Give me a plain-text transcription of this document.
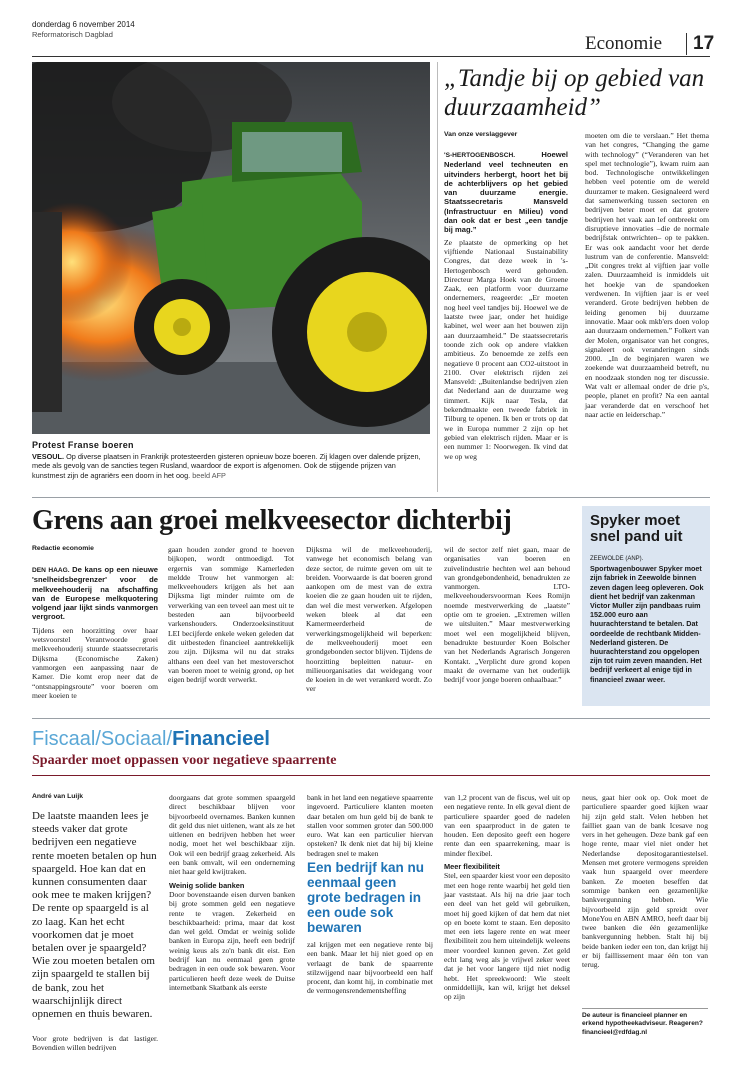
donderdag 6 november 2014
Reformatorisch Dagblad	Economie	17
Protest Franse boeren
VESOUL. Op diverse plaatsen in Frankrijk protesteerden gisteren opnieuw boze boeren. Zij klagen over dalende prijzen, mede als gevolg van de sancties tegen Rusland, waardoor de export is afgenomen. Ook de stijgende prijzen van kunstmest zijn de agrariërs een doorn in het oog. beeld AFP
„Tandje bij op gebied van duurzaamheid”
Van onze verslaggever
'S-HERTOGENBOSCH.	Hoewel Nederland veel techneuten en uitvinders herbergt, hoort het bij de achterblijvers op het gebied van duurzame energie. Staatssecretaris Mansveld (Infrastructuur en Milieu) vond dan ook dat er best „een tandje bij mag.”
Ze plaatste de opmerking op het vijftiende Nationaal Sustainability Congres, dat deze week in 's-Hertogenbosch werd gehouden. Directeur Marga Hoek van de Groene Zaak, een platform voor duurzame ondernemers, reageerde: „Er moeten nog heel veel tandjes bij. Hoewel we de laatste twee jaar, onder het huidige kabinet, wel weer aan het bouwen zijn aan duurzaamheid.” De staatssecretaris toonde zich ook op andere vlakken ambitieus. Zo benoemde ze zelfs een negatieve 0 procent aan CO2-uitstoot in 2100. Over elektrisch rijden zei Mansveld: „Buitenlandse bedrijven zien dat Nederland aan de duurzame weg timmert. Kijk naar Tesla, dat bekendmaakte een tweede fabriek in Tilburg te openen. Ik ben er trots op dat we in Europa nummer 2 zijn op het gebied van elektrisch rijden. Maar er is een nummer 1: Noorwegen. Ik vind dat we op weg
moeten om die te verslaan.” Het thema van het congres, “Changing the game with technology” (“Veranderen van het spel met technologie”), kwam ruim aan bod. Technologische ontwikkelingen hebben veel potentie om de wereld duurzamer te maken. Gesignaleerd werd dat samenwerking tussen sectoren en bedrijven beter moet en dat grotere bedrijven het vaak aan lef ontbreekt om disruptieve innovaties –die de normale bedrijfstak ontwrichten– op te pakken. Er was ook aandacht voor het derde lustrum van de conferentie. Mansveld: „Dit congres trekt al vijftien jaar volle zalen. Duurzaamheid is inmiddels uit het hoekje van de spandoeken verdwenen. In vijftien jaar is er veel veranderd. Grote bedrijven hebben de leiding genomen bij duurzame innovatie. Maar ook mkb'ers doen volop aan duurzaam ondernemen.” Folkert van der Molen, organisator van het congres, signaleert ook veranderingen sinds 2000. „In de beginjaren waren we zoekende wat duurzaamheid betreft, nu en noodzaak stonden nog ter discussie. Wat valt er allemaal onder de drie p's, people, planet en profit? Na een aantal jaar veranderde dat en verschoof het naar actie en leiderschap.”
Grens aan groei melkveesector dichterbij
Redactie economie
DEN HAAG. De kans op een nieuwe 'snelheidsbegrenzer' voor de melkveehouderij na afschaffing van de Europese melkquotering volgend jaar lijkt sinds vanmorgen vergroot.
Tijdens een hoorzitting over haar wetsvoorstel Verantwoorde groei melkveehouderij stuurde staatssecretaris Dijksma (Economische Zaken) vanmorgen een aanpassing naar de Kamer. Die komt erop neer dat de “ontsnappingsroute” voor boeren om meer koeien te
gaan houden zonder grond te hoeven bijkopen, wordt ontmoedigd. Tot ergernis van sommige Kamerleden meldde Trouw het vanmorgen al: melkveehouders krijgen als het aan Dijksma ligt minder ruimte om de verwerking van een teveel aan mest uit te besteden aan bijvoorbeeld varkenshouders. Onderzoeksinstituut LEI becijferde enkele weken geleden dat dit uitbesteden financieel aantrekkelijk zou zijn. Dijksma wil nu dat straks althans een deel van het mestoverschot van boeren moet te weinig grond, op het eigen bedrijf wordt verwerkt.
Dijksma wil de melkveehouderij, vanwege het economisch belang van deze sector, de ruimte geven om uit te breiden. Voorwaarde is dat boeren grond aankopen om de mest van de extra koeien die ze gaan houden uit te rijden, dan wel die mest verwerken. Afgelopen weken bleek al dat een Kamermeerderheid de verwerkingsmogelijkheid wil beperken: de melkveehouderij moet een grondgebonden sector blijven. Tijdens de hoorzitting bepleitten natuur- en milieuorganisaties dat weidegang voor de koeien in de wet verankerd wordt. Zo ver
wil de sector zelf niet gaan, maar de organisaties van boeren en zuivelindustrie hechten wel aan behoud van grondgebondenheid, benadrukten ze vanmorgen. LTO-melkveehoudersvoorman Kees Romijn noemde mestverwerking de „laatste” optie om te groeien. „Extremen willen we uitsluiten.” Maar mestverwerking moet wel een mogelijkheid blijven, benadrukte bestuurder Koen Bolscher van het Nederlands Agrarisch Jongeren Kontakt. „Verplicht dure grond kopen maakt de overname van het ouderlijk bedrijf voor jonge boeren onhaalbaar.”
Spyker moet snel pand uit
ZEEWOLDE (ANP). Sportwagenbouwer Spyker moet zijn fabriek in Zeewolde binnen zeven dagen leeg opleveren. Ook dient het bedrijf van zakenman Victor Muller zijn pandbaas ruim 152.000 euro aan huurachterstand te betalen. Dat oordeelde de rechtbank Midden-Nederland gisteren. De huurachterstand zou opgelopen zijn tot ruim zeven maanden. Het bedrijf verkeert al enige tijd in financieel zwaar weer.
Fiscaal/Sociaal/Financieel
Spaarder moet oppassen voor negatieve spaarrente
André van Luijk
De laatste maanden lees je steeds vaker dat grote bedrijven een negatieve rente moeten betalen op hun spaargeld. Hoe kan dat en kunnen consumenten daar ook mee te maken krijgen? De rente op spaargeld is al zo laag. Kan het echt voorkomen dat je moet betalen over je spaargeld? Wie zou moeten betalen om zijn spaargeld te stallen bij de bank, zou het waarschijnlijk direct opnemen en thuis bewaren.
Voor grote bedrijven is dat lastiger. Bovendien willen bedrijven
doorgaans dat grote sommen spaargeld direct beschikbaar blijven voor bijvoorbeeld overnames. Banken kunnen dit geld dus niet uitlenen, want als ze het uitlenen en bedrijven hebben het weer nodig, moet het wel beschikbaar zijn. Ook wil een bedrijf graag zekerheid. Als een bank omvalt, wil een onderneming niet haar geld kwijtraken.
Weinig solide banken
Door bovenstaande eisen durven banken bij grote sommen geld een negatieve rente te vragen. Zekerheid en beschikbaarheid: prima, maar dat kost dan wel geld. Omdat er weinig solide banken in Europa zijn, heeft een bedrijf weinig keus als zo'n bank dit eist. Een bedrijf kan nu eenmaal geen grote bedragen in een oude sok bewaren. Voor particulieren heeft deze week de Duitse internetbank Skatbank als eerste
bank in het land een negatieve spaarrente ingevoerd. Particuliere klanten moeten daar betalen om hun geld bij de bank te stallen voor sommen groter dan 500.000 euro. Wat kan een particulier hiervan opsteken? Ik denk niet dat hij bij kleine bedragen snel te maken
Een bedrijf kan nu eenmaal geen grote bedragen in een oude sok bewaren
zal krijgen met een negatieve rente bij een bank. Maar let hij niet goed op en verlaagt de bank de spaarrente stilzwijgend naar bijvoorbeeld een half procent, dan komt hij, in combinatie met de vermogensrendementsheffing
van 1,2 procent van de fiscus, wel uit op een negatieve rente. In elk geval dient de particuliere spaarder goed de nadelen van een spaarproduct in de gaten te houden. Een deposito geeft een hogere rente dan een spaarrekening, maar is minder flexibel.
Meer flexibiliteit
Stel, een spaarder kiest voor een deposito met een hoge rente waarbij het geld tien jaar vaststaat. Als hij na drie jaar toch een deel van het geld wil gebruiken, moet hij goed kijken of dat hem dat niet op en boete komt te staan. Een deposito met een iets lagere rente en wat meer flexibiliteit zou hem uiteindelijk weleens meer voordeel kunnen geven. Zet geld echt lang weg als je vrijwel zeker weet dat je het voor langere tijd niet nodig hebt. Het spreekwoord: Wie steelt onmiddellijk, kan wil, krijgt het deksel op zijn
neus, gaat hier ook op. Ook moet de particuliere spaarder goed kijken waar hij zijn geld stalt. Velen hebben het failliet gaan van de bank Icesave nog vers in het geheugen. Deze bank gaf een hoge rente, maar viel niet onder het Nederlandse depositogarantiestelsel. Mensen met grotere vermogens spreiden vaak hun spaargeld over meerdere banken. Ze moeten beseffen dat sommige banken een gezamenlijke bankvergunning hebben. Wie bijvoorbeeld zijn geld spreidt over MoneYou en ABN AMRO, heeft daar bij twee banken die één gezamenlijke bankvergunning hebben. Stalt hij bij beide banken ieder een ton, dan krijgt hij er bij faillissement maar één ton van terug.
De auteur is financieel planner en erkend hypotheekadviseur. Reageren? financieel@rdfdag.nl
